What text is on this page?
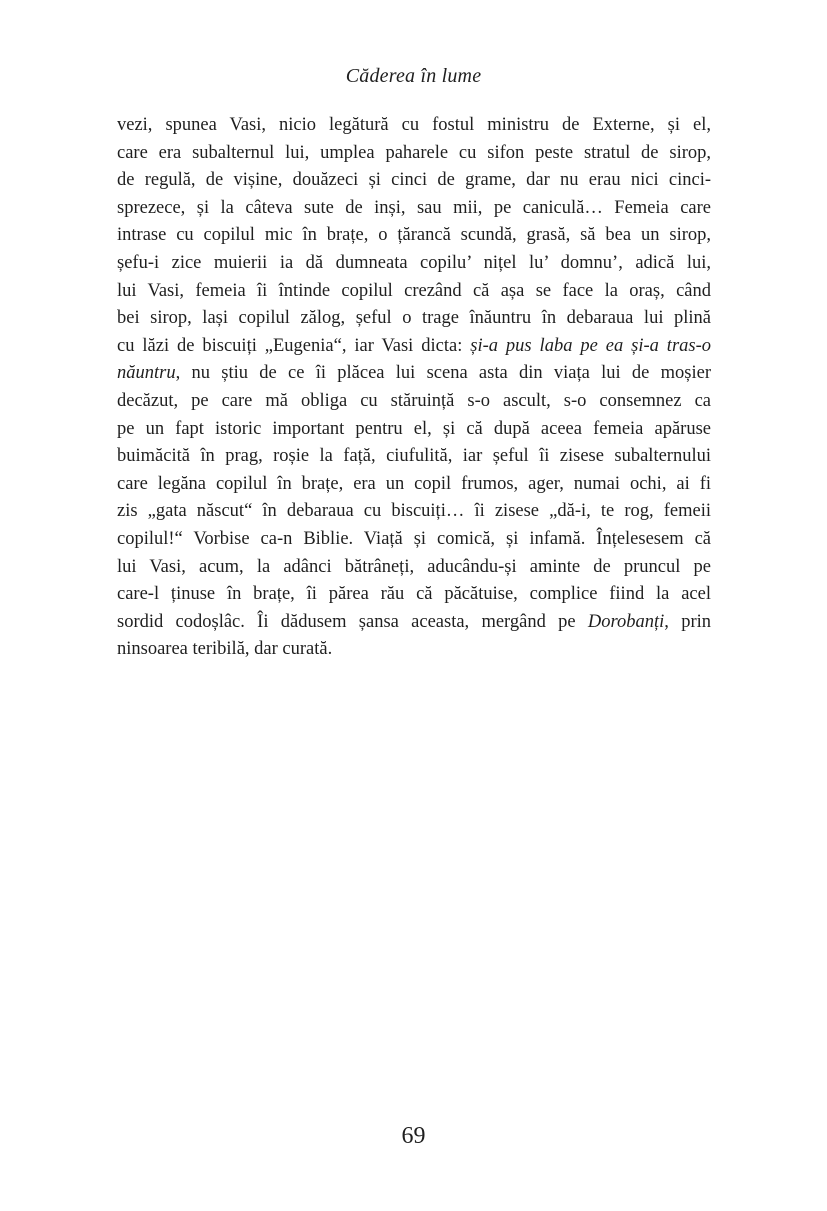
Căderea în lume
vezi, spunea Vasi, nicio legătură cu fostul ministru de Externe, și el,
care era subalternul lui, umplea paharele cu sifon peste stratul de sirop,
de regulă, de vișine, douăzeci și cinci de grame, dar nu erau nici cinci-
sprezece, și la câteva sute de inși, sau mii, pe caniculă… Femeia care
intrase cu copilul mic în brațe, o țărancă scundă, grasă, să bea un sirop,
șefu-i zice muierii ia dă dumneata copilu’ nițel lu’ domnu’, adică lui,
lui Vasi, femeia îi întinde copilul crezând că așa se face la oraș, când
bei sirop, lași copilul zălog, șeful o trage înăuntru în debaraua lui plină
cu lăzi de biscuiți „Eugenia“, iar Vasi dicta: și-a pus laba pe ea și-a tras-o
năuntru, nu știu de ce îi plăcea lui scena asta din viața lui de moșier
decăzut, pe care mă obliga cu stăruință s-o ascult, s-o consemnez ca
pe un fapt istoric important pentru el, și că după aceea femeia apăruse
buimăcită în prag, roșie la față, ciufulită, iar șeful îi zisese subalternului
care legăna copilul în brațe, era un copil frumos, ager, numai ochi, ai fi
zis „gata născut“ în debaraua cu biscuiți… îi zisese „dă-i, te rog, femeii
copilul!“ Vorbise ca-n Biblie. Viață și comică, și infamă. Înțelesesem că
lui Vasi, acum, la adânci bătrâneți, aducându-și aminte de pruncul pe
care-l ținuse în brațe, îi părea rău că păcătuise, complice fiind la acel
sordid codoșlâc. Îi dădusem șansa aceasta, mergând pe Dorobanți, prin
ninsoarea teribilă, dar curată.
69
